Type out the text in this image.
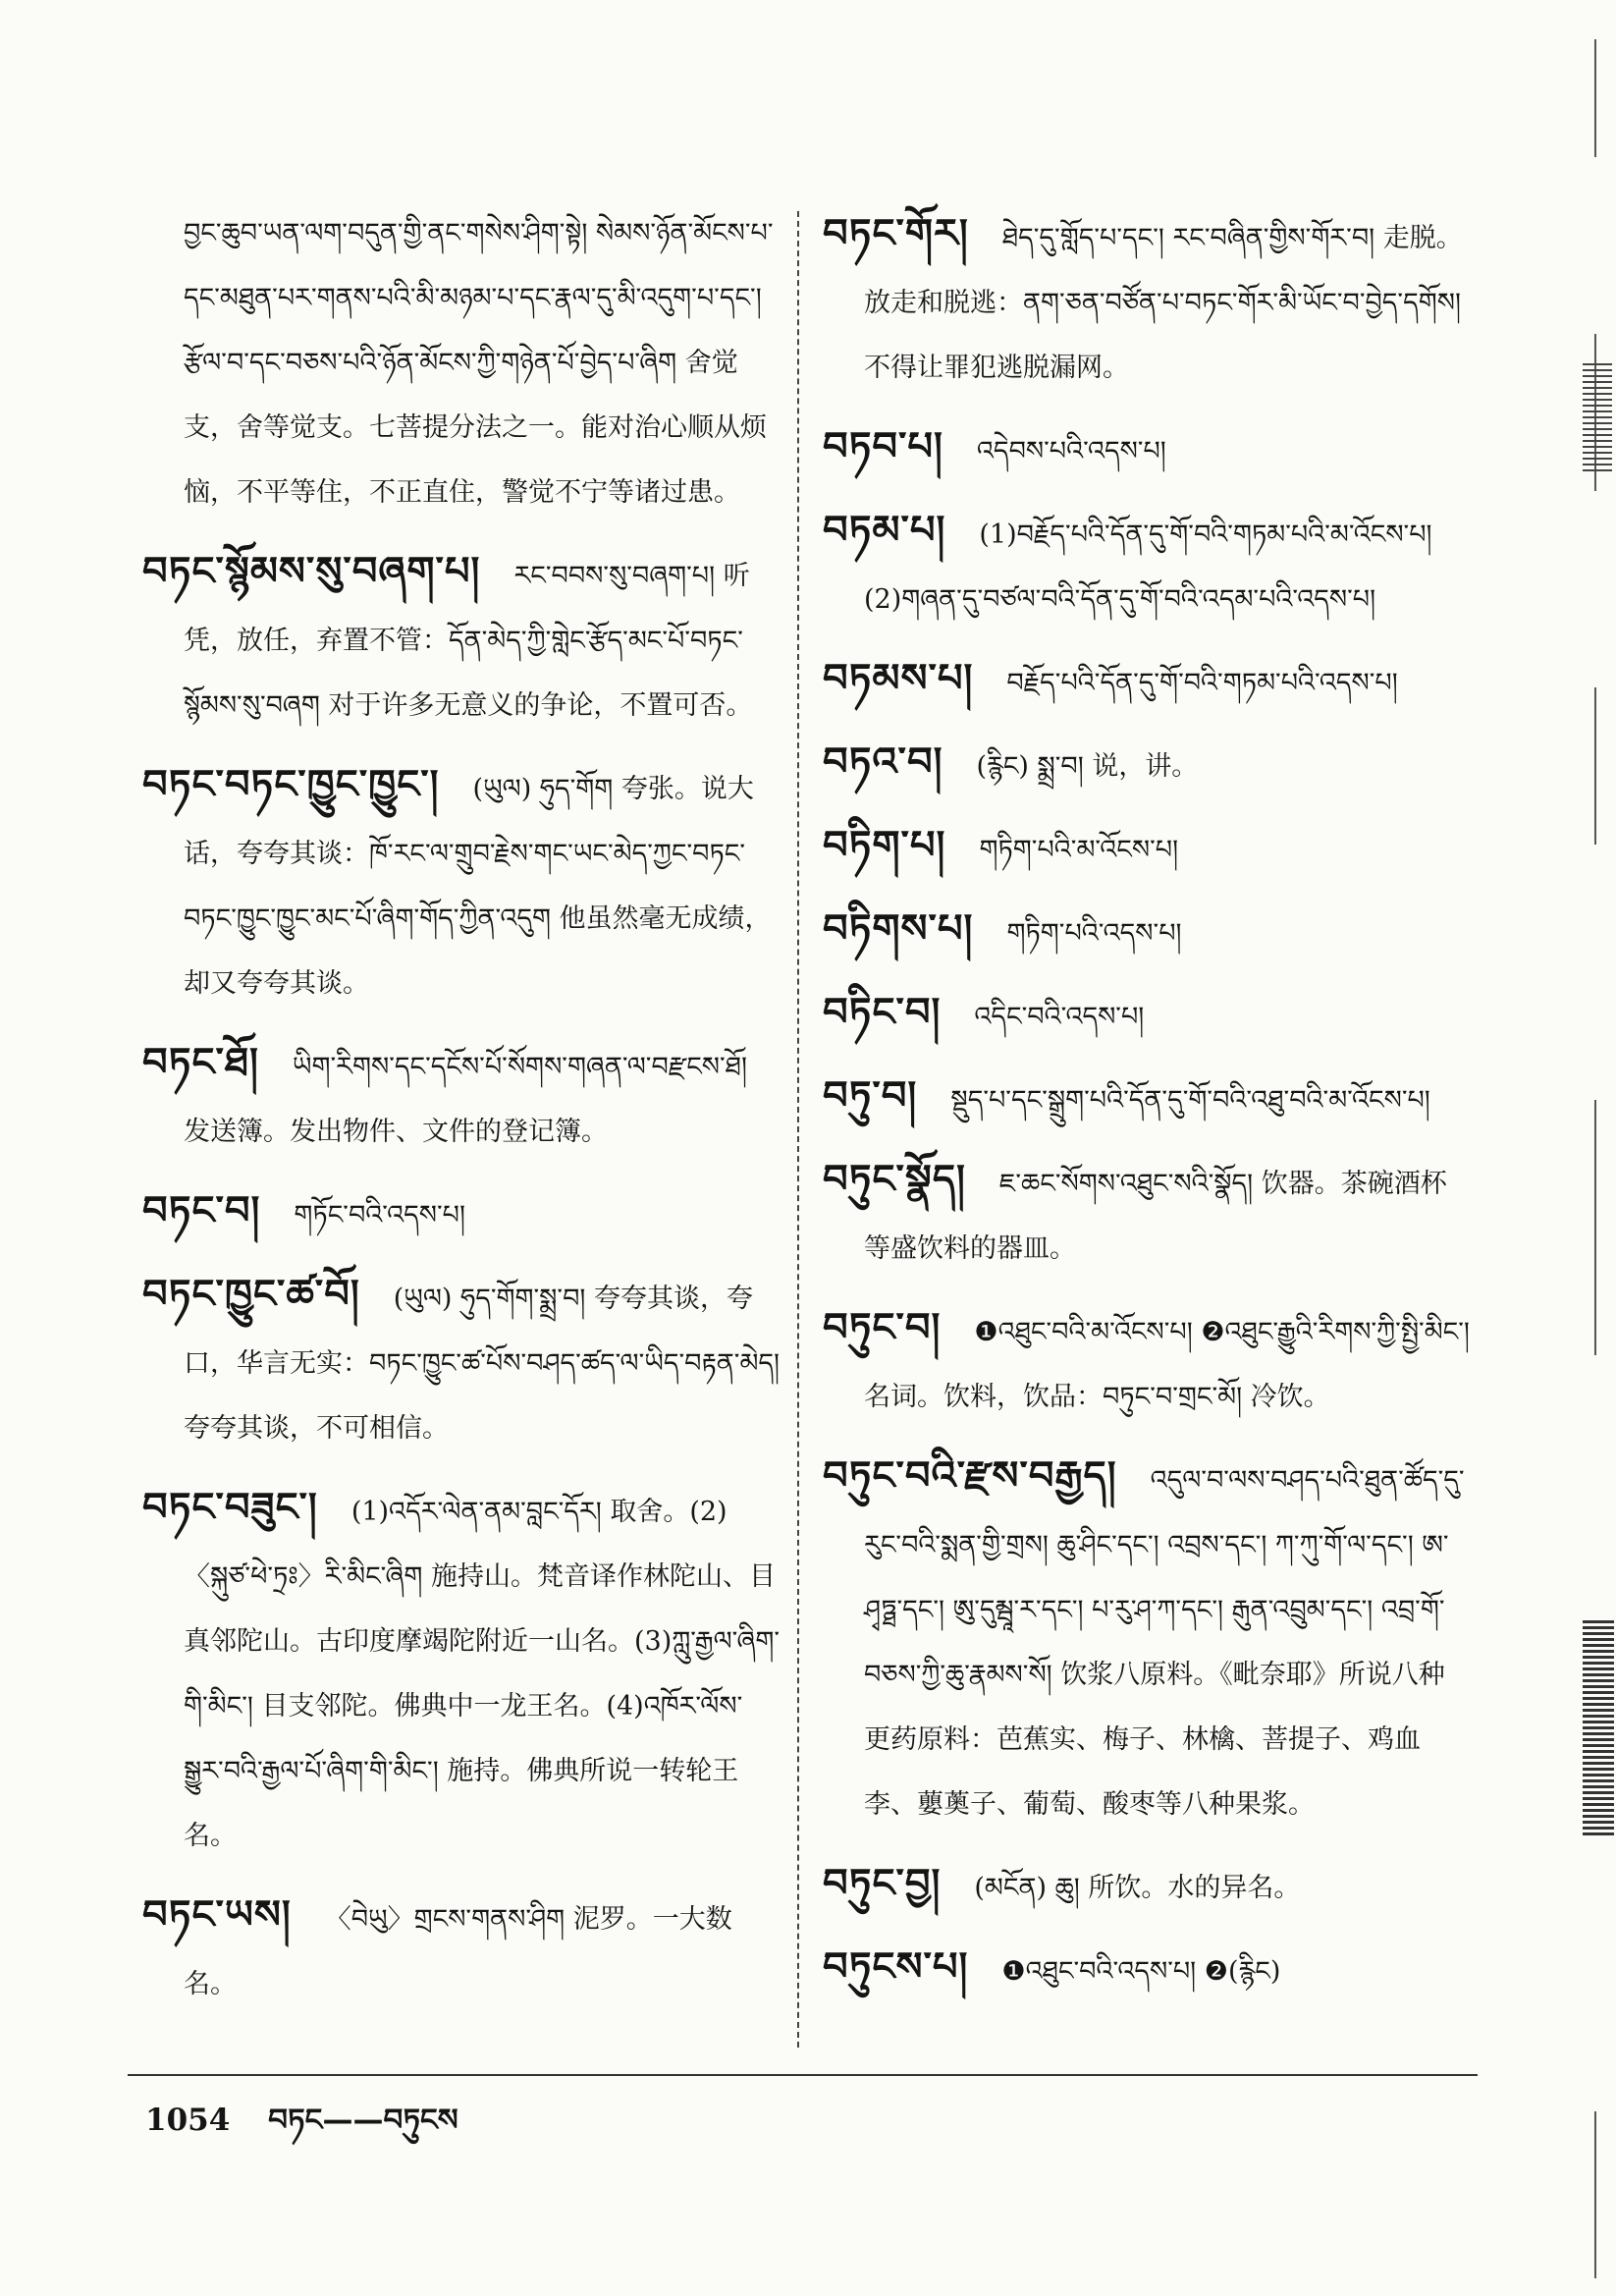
བྱང་ཆུབ་ཡན་ལག་བདུན་གྱི་ནང་གསེས་ཤིག་སྟེ། སེམས་ཉོན་མོངས་པ་དང་མཐུན་པར་གནས་པའི་མི་མཉམ་པ་དང་རྣལ་དུ་མི་འདུག་པ་དང་། རྩོལ་བ་དང་བཅས་པའི་ཉོན་མོངས་ཀྱི་གཉེན་པོ་བྱེད་པ་ཞིག 舍觉支，舍等觉支。七菩提分法之一。能对治心顺从烦恼，不平等住，不正直住，警觉不宁等诸过患。
བཏང་སྙོམས་སུ་བཞག་པ། རང་བབས་སུ་བཞག་པ། 听凭，放任，弃置不管：དོན་མེད་ཀྱི་གླེང་རྩོད་མང་པོ་བཏང་སྙོམས་སུ་བཞག 对于许多无意义的争论，不置可否。
བཏང་བཏང་ཁྱུང་ཁྱུང་། (ཡུལ) ཧུད་གོག 夸张。说大话，夸夸其谈：ཁོ་རང་ལ་གྲུབ་རྗེས་གང་ཡང་མེད་ཀྱང་བཏང་བཏང་ཁྱུང་ཁྱུང་མང་པོ་ཞིག་གོད་ཀྱིན་འདུག 他虽然毫无成绩，却又夸夸其谈。
བཏང་ཐོ། ཡིག་རིགས་དང་དངོས་པོ་སོགས་གཞན་ལ་བརྫངས་ཐོ། 发送簿。发出物件、文件的登记簿。
བཏང་བ། གཏོང་བའི་འདས་པ།
བཏང་ཁྱུང་ཚ་བོ། (ཡུལ) ཧུད་གོག་སྨྲ་བ། 夸夸其谈，夸口，华言无实：བཏང་ཁྱུང་ཚ་པོས་བཤད་ཚད་ལ་ཡིད་བརྟན་མེད། 夸夸其谈，不可相信。
བཏང་བཟུང་། (1)འདོར་ལེན་ནམ་བླང་དོར། 取舍。(2)〈སྐུཙ་ཕེ་ཏྲཿ〉རི་མིང་ཞིག 施持山。梵音译作林陀山、目真邻陀山。古印度摩竭陀附近一山名。(3)ཀླུ་རྒྱལ་ཞིག་གི་མིང་། 目支邻陀。佛典中一龙王名。(4)འཁོར་ལོས་སྒྱུར་བའི་རྒྱལ་པོ་ཞིག་གི་མིང་། 施持。佛典所说一转轮王名。
བཏང་ཡས། 〈བེཡུ〉གྲངས་གནས་ཤིག 泥罗。一大数名。
བཏང་གོར། ཐེད་དུ་གློད་པ་དང་། རང་བཞིན་གྱིས་གོར་བ། 走脱。放走和脱逃：ནག་ཅན་བཙོན་པ་བཏང་གོར་མི་ཡོང་བ་བྱེད་དགོས། 不得让罪犯逃脱漏网。
བཏབ་པ། འདེབས་པའི་འདས་པ།
བཏམ་པ། (1)བརྗོད་པའི་དོན་དུ་གོ་བའི་གཏམ་པའི་མ་འོངས་པ། (2)གཞན་དུ་བཙལ་བའི་དོན་དུ་གོ་བའི་འདམ་པའི་འདས་པ།
བཏམས་པ། བརྗོད་པའི་དོན་དུ་གོ་བའི་གཏམ་པའི་འདས་པ།
བཏའ་བ། (རྙིང) སྨྲ་བ། 说，讲。
བཏིག་པ། གཏིག་པའི་མ་འོངས་པ།
བཏིགས་པ། གཏིག་པའི་འདས་པ།
བཏིང་བ། འདིང་བའི་འདས་པ།
བཏུ་བ། སྡུད་པ་དང་སྒྲུག་པའི་དོན་དུ་གོ་བའི་འཐུ་བའི་མ་འོངས་པ།
བཏུང་སྣོད། ཇ་ཆང་སོགས་འཐུང་སའི་སྣོད། 饮器。茶碗酒杯等盛饮料的器皿。
བཏུང་བ། ❶འཐུང་བའི་མ་འོངས་པ། ❷འཐུང་རྒྱུའི་རིགས་ཀྱི་སྤྱི་མིང་། 名词。饮料，饮品：བཏུང་བ་གྲང་མོ། 冷饮。
བཏུང་བའི་རྫས་བརྒྱད། འདུལ་བ་ལས་བཤད་པའི་ཐུན་ཚོད་དུ་རུང་བའི་སྨན་གྱི་གྲས། ཆུ་ཤིང་དང་། འབྲས་དང་། ཀ་ཀུ་གོ་ལ་དང་། ཨ་ཤྭཏྠ་དང་། ཨུ་དུམྦཱ་ར་དང་། པ་རུ་ཤ་ཀ་དང་། རྒུན་འབྲུམ་དང་། འབྲ་གོ་བཅས་ཀྱི་ཆུ་རྣམས་སོ། 饮浆八原料。《毗奈耶》所说八种更药原料：芭蕉实、梅子、林檎、菩提子、鸡血李、蘡薁子、葡萄、酸枣等八种果浆。
བཏུང་བྱ། (མངོན) ཆུ། 所饮。水的异名。
བཏུངས་པ། ❶འཐུང་བའི་འདས་པ། ❷(རྙིང)
1054 བཏང——བཏུངས
